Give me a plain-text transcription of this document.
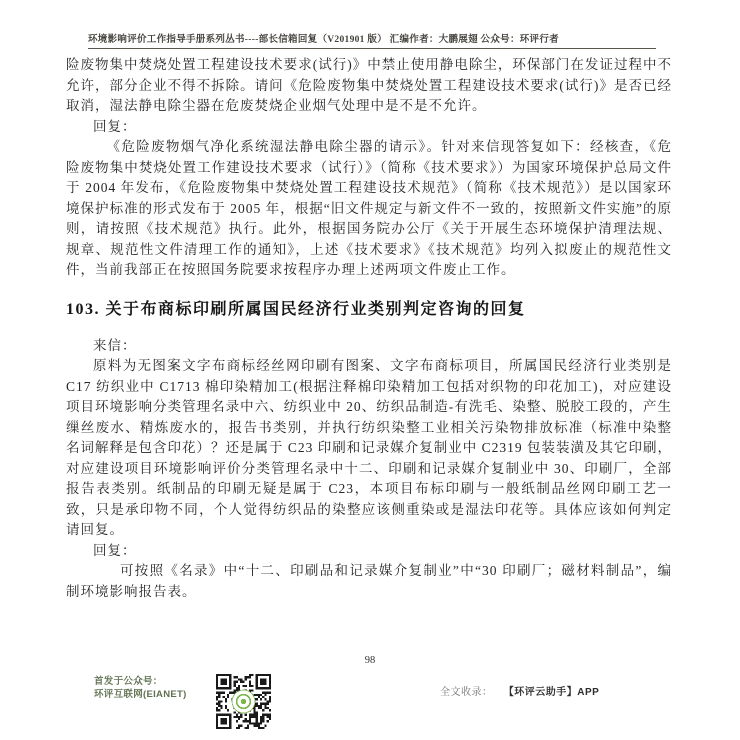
环境影响评价工作指导手册系列丛书----部长信箱回复（V201901 版） 汇编作者：大鹏展翅 公众号：环评行者

险废物集中焚烧处置工程建设技术要求(试行)》中禁止使用静电除尘，环保部门在发证过程中不允许，部分企业不得不拆除。请问《危险废物集中焚烧处置工程建设技术要求(试行)》是否已经取消，湿法静电除尘器在危废焚烧企业烟气处理中是不是不允许。

回复：

《危险废物烟气净化系统湿法静电除尘器的请示》。针对来信现答复如下：经核查，《危险废物集中焚烧处置工作建设技术要求（试行）》（简称《技术要求》）为国家环境保护总局文件于 2004 年发布，《危险废物集中焚烧处置工程建设技术规范》（简称《技术规范》）是以国家环境保护标准的形式发布于 2005 年，根据“旧文件规定与新文件不一致的，按照新文件实施”的原则，请按照《技术规范》执行。此外，根据国务院办公厅《关于开展生态环境保护清理法规、规章、规范性文件清理工作的通知》，上述《技术要求》《技术规范》均列入拟废止的规范性文件，当前我部正在按照国务院要求按程序办理上述两项文件废止工作。

103. 关于布商标印刷所属国民经济行业类别判定咨询的回复

来信：

原料为无图案文字布商标经丝网印刷有图案、文字布商标项目，所属国民经济行业类别是 C17 纺织业中 C1713 棉印染精加工(根据注释棉印染精加工包括对织物的印花加工)，对应建设项目环境影响分类管理名录中六、纺织业中 20、纺织品制造-有洗毛、染整、脱胶工段的，产生缫丝废水、精炼废水的，报告书类别，并执行纺织染整工业相关污染物排放标准（标准中染整名词解释是包含印花）？还是属于 C23 印刷和记录媒介复制业中 C2319 包装装潢及其它印刷，对应建设项目环境影响评价分类管理名录中十二、印刷和记录媒介复制业中 30、印刷厂，全部报告表类别。纸制品的印刷无疑是属于 C23，本项目布标印刷与一般纸制品丝网印刷工艺一致，只是承印物不同，个人觉得纺织品的染整应该侧重染或是湿法印花等。具体应该如何判定请回复。

回复：

可按照《名录》中“十二、印刷品和记录媒介复制业”中“30 印刷厂；磁材料制品”，编制环境影响报告表。

98
首发于公众号：
环评互联网(EIANET)	全文收录： 【环评云助手】APP
